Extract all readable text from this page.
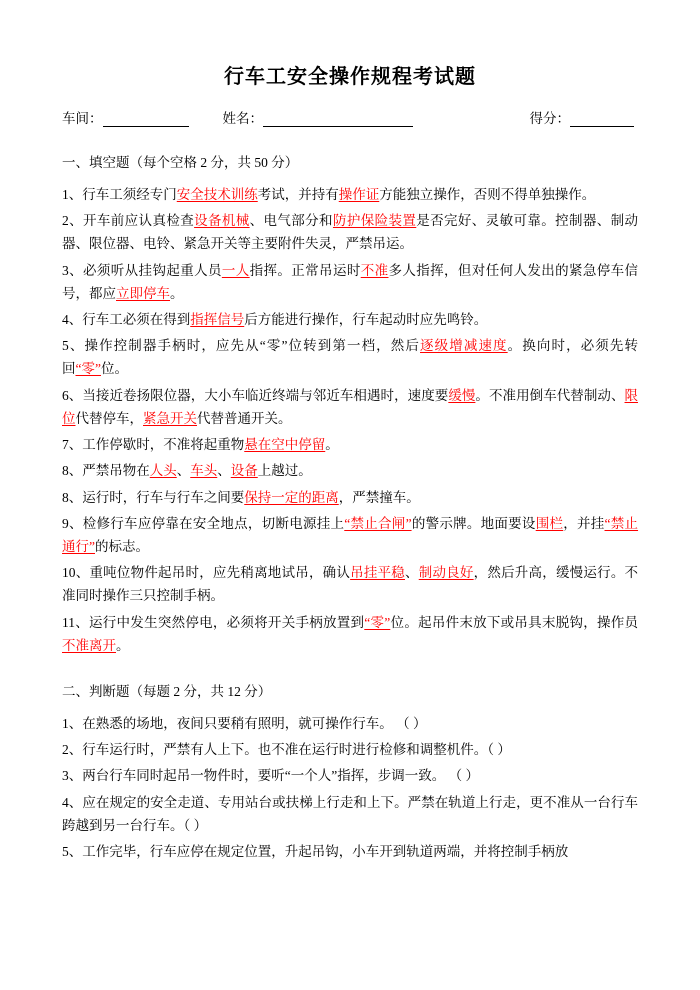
行车工安全操作规程考试题
车间：	姓名：	得分：
一、填空题（每个空格 2 分，共 50 分）

1、行车工须经专门安全技术训练考试，并持有操作证方能独立操作，否则不得单独操作。

2、开车前应认真检查设备机械、电气部分和防护保险装置是否完好、灵敏可靠。控制器、制动器、限位器、电铃、紧急开关等主要附件失灵，严禁吊运。

3、必须听从挂钩起重人员一人指挥。正常吊运时不准多人指挥，但对任何人发出的紧急停车信号，都应立即停车。

4、行车工必须在得到指挥信号后方能进行操作，行车起动时应先鸣铃。

5、操作控制器手柄时，应先从“零”位转到第一档，然后逐级增减速度。换向时，必须先转回“零”位。

6、当接近卷扬限位器，大小车临近终端与邻近车相遇时，速度要缓慢。不准用倒车代替制动、限位代替停车，紧急开关代替普通开关。

7、工作停歇时，不准将起重物悬在空中停留。

8、严禁吊物在人头、车头、设备上越过。

8、运行时，行车与行车之间要保持一定的距离，严禁撞车。

9、检修行车应停靠在安全地点，切断电源挂上“禁止合闸”的警示牌。地面要设围栏，并挂“禁止通行”的标志。

10、重吨位物件起吊时，应先稍离地试吊，确认吊挂平稳、制动良好，然后升高，缓慢运行。不准同时操作三只控制手柄。

11、运行中发生突然停电，必须将开关手柄放置到“零”位。起吊件末放下或吊具末脱钩，操作员不准离开。

二、判断题（每题 2 分，共 12 分）

1、在熟悉的场地，夜间只要稍有照明，就可操作行车。 （ ）

2、行车运行时，严禁有人上下。也不准在运行时进行检修和调整机件。（ ）

3、两台行车同时起吊一物件时，要听“一个人”指挥，步调一致。 （ ）

4、应在规定的安全走道、专用站台或扶梯上行走和上下。严禁在轨道上行走，更不准从一台行车跨越到另一台行车。（ ）

5、工作完毕，行车应停在规定位置，升起吊钩，小车开到轨道两端，并将控制手柄放
